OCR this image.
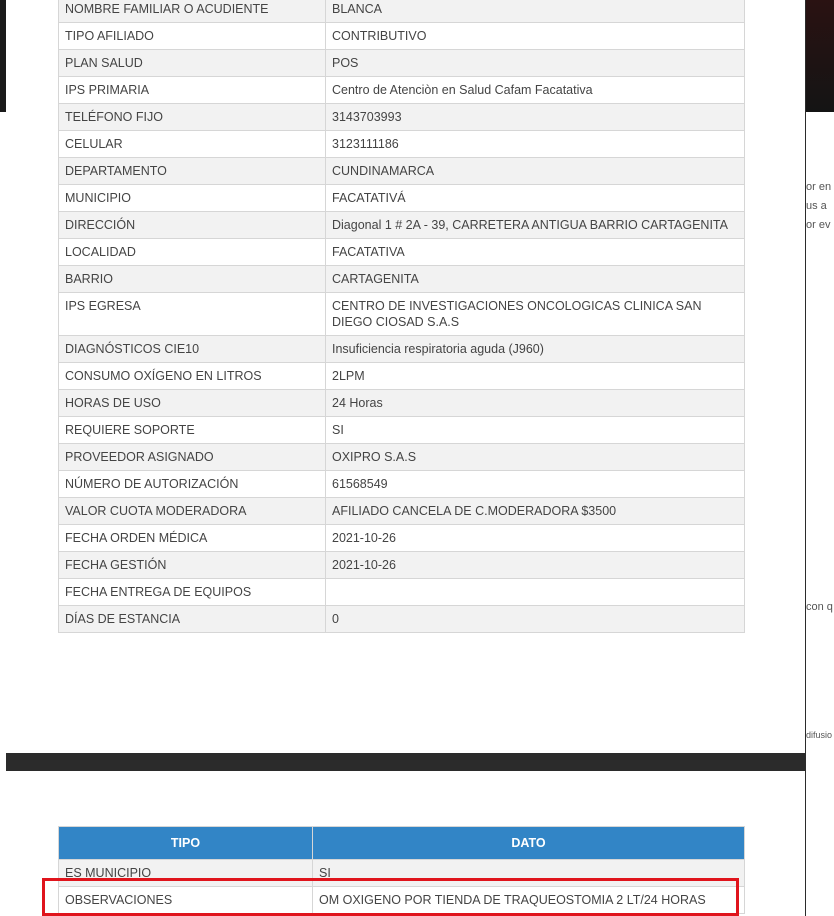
or en
us a
or ev
con q
difusio
NOMBRE FAMILIAR O ACUDIENTE	BLANCA
TIPO AFILIADO	CONTRIBUTIVO
PLAN SALUD	POS
IPS PRIMARIA	Centro de Atenciòn en Salud Cafam Facatativa
TELÉFONO FIJO	3143703993
CELULAR	3123111186
DEPARTAMENTO	CUNDINAMARCA
MUNICIPIO	FACATATIVÁ
DIRECCIÓN	Diagonal 1 # 2A - 39, CARRETERA ANTIGUA BARRIO CARTAGENITA
LOCALIDAD	FACATATIVA
BARRIO	CARTAGENITA
IPS EGRESA	CENTRO DE INVESTIGACIONES ONCOLOGICAS CLINICA SAN DIEGO CIOSAD S.A.S
DIAGNÓSTICOS CIE10	Insuficiencia respiratoria aguda (J960)
CONSUMO OXÍGENO EN LITROS	2LPM
HORAS DE USO	24 Horas
REQUIERE SOPORTE	SI
PROVEEDOR ASIGNADO	OXIPRO S.A.S
NÚMERO DE AUTORIZACIÓN	61568549
VALOR CUOTA MODERADORA	AFILIADO CANCELA DE C.MODERADORA $3500
FECHA ORDEN MÉDICA	2021-10-26
FECHA GESTIÓN	2021-10-26
FECHA ENTREGA DE EQUIPOS	
DÍAS DE ESTANCIA	0
TIPO	DATO
ES MUNICIPIO	SI
OBSERVACIONES	OM OXIGENO POR TIENDA DE TRAQUEOSTOMIA 2 LT/24 HORAS
